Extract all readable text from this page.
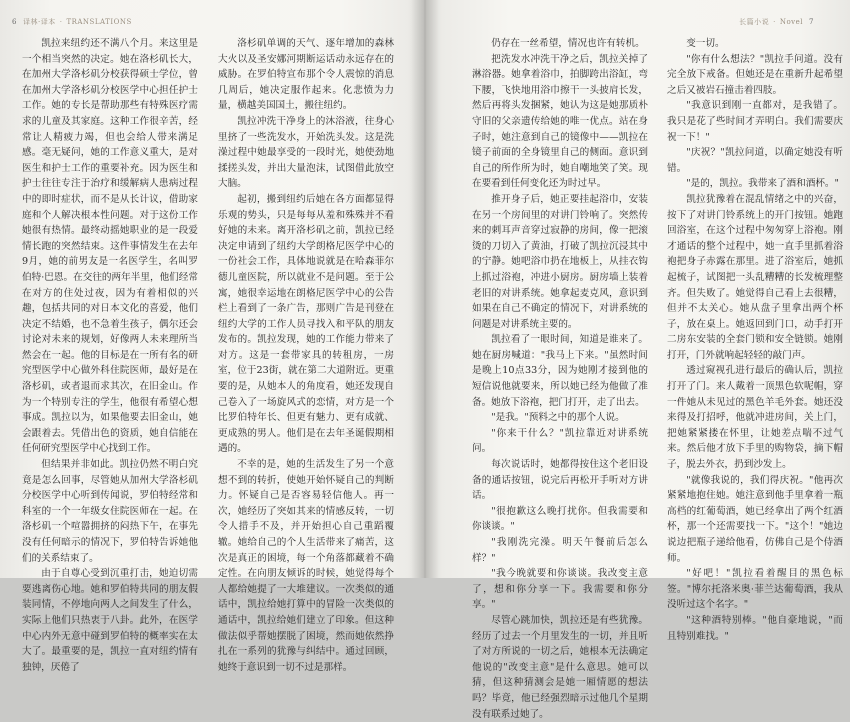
6 译林·译本 · TRANSLATIONS

凯拉来纽约还不满八个月。来这里是一个相当突然的决定。她在洛杉矶长大，在加州大学洛杉矶分校获得硕士学位，曾在加州大学洛杉矶分校医学中心担任护士工作。她的专长是帮助那些有特殊医疗需求的儿童及其家庭。这种工作很辛苦，经常让人精疲力竭，但也会给人带来满足感。毫无疑问，她的工作意义重大，是对医生和护士工作的重要补充。因为医生和护士往往专注于治疗和缓解病人患病过程中的即时症状，而不是从长计议，借助家庭和个人解决根本性问题。对于这份工作她很有热情。最终动摇她职业的是一段爱情长跑的突然结束。这件事情发生在去年9月，她的前男友是一名医学生，名叫罗伯特·巴恩。在交往的两年半里，他们经常在对方的住处过夜，因为有着相似的兴趣，包括共同的对日本文化的喜爱，他们决定不结婚，也不急着生孩子，偶尔还会讨论对未来的规划，好像两人未来理所当然会在一起。他的目标是在一所有名的研究型医学中心做外科住院医师，最好是在洛杉矶，或者退而求其次，在旧金山。作为一个特别专注的学生，他很有希望心想事成。凯拉以为，如果他要去旧金山，她会跟着去。凭借出色的资质，她自信能在任何研究型医学中心找到工作。

但结果并非如此。凯拉仍然不明白究竟是怎么回事，尽管她从加州大学洛杉矶分校医学中心听到传闻说，罗伯特经常和科室的一个一年级女住院医师在一起。在洛杉矶一个喧嚣拥挤的闷热下午，在事先没有任何暗示的情况下，罗伯特告诉她他们的关系结束了。

由于自尊心受到沉重打击，她迫切需要逃离伤心地。她和罗伯特共同的朋友假装同情，不停地向两人之间发生了什么，实际上他们只热衷于八卦。此外，在医学中心内外无意中碰到罗伯特的概率实在太大了。最重要的是，凯拉一直对纽约情有独钟，厌倦了

洛杉矶单调的天气、逐年增加的森林大火以及圣安娜河期断运话动永远存在的威胁。在罗伯特宣布那个令人震惊的消息几周后，她决定服作起来。化悲愤为力量，横越美国国土，搬往纽约。

凯拉冲洗干净身上的沐浴液，往身心里挤了一些洗发水，开始洗头发。这是洗澡过程中她最享受的一段时光，她使劲地揉搓头发，并出大量泡沫，试图借此放空大脑。

起初，搬到纽约后她在各方面都显得乐观的势头，只是每每从羞和殊殊并不看好她的未来。离开洛杉矶之前，凯拉已经决定申请到了纽约大学朗格尼医学中心的一份社会工作，具体地说就是在哈森菲尔德儿童医院，所以就业不是问题。至于公寓，她很幸运地在朗格尼医学中心的公告栏上看到了一条广告，那则广告是刊登在纽约大学的工作人员寻找入和平队的朋友发布的。凯拉发现，她的工作能力带来了对方。这是一套带家具的转租房，一房室，位于23街，就在第二大道附近。更重要的是，从她本人的角度看，她还发现自己卷入了一场旋风式的恋情，对方是一个比罗伯特年长、但更有魅力、更有成就、更成熟的男人。他们是在去年圣诞假期相遇的。

不幸的是，她的生活发生了另一个意想不到的转折，使她开始怀疑自己的判断力。怀疑自己是否容易轻信他人。再一次，她经历了突如其来的情感反转，一切令人措手不及，并开始担心自己重蹈覆辙。她给自己的个人生活带来了痛苦，这次是真正的困境，每一个角落都藏着不确定性。在向朋友倾诉的时候，她觉得每个人都给她提了一大堆建议。一次类似的通话中，凯拉给她打算中的冒险一次类似的通话中，凯拉给她们建立了印象。但这种做法似乎帮她摆脱了困境，然而她依然挣扎在一系列的犹豫与纠结中。通过回顾，她终于意识到一切不过是那样。

长篇小说 · Novel 7

仍存在一丝希望，情况也许有转机。

把洗发水冲洗干净之后，凯拉关掉了淋浴器。她拿着浴巾，拍脚跨出浴缸，弯下腰，飞快地用浴巾擦干一头披肩长发，然后再将头发捆紧，她认为这是她那质朴守旧的父亲遗传给她的唯一优点。站在身子时，她注意到自己的镜像中——凯拉在镜子前面的全身镜里自己的侧面。意识到自己的所作所为时，她自嘲地笑了笑。现在要看到任何变化还为时过早。

推开身子后，她正要挂起浴巾，安装在另一个房间里的对讲门铃响了。突然传来的刺耳声音穿过寂静的房间，像一把滚烫的刀切入了黄油，打破了凯拉沉浸其中的宁静。她吧浴巾扔在地板上，从挂衣钩上抓过浴袍，冲进小厨房。厨房墙上装着老旧的对讲系统。她拿起麦克风，意识到如果在自己不确定的情况下，对讲系统的问题是对讲系统主要的。

凯拉看了一眼时间，知道是谁来了。她在厨房喊道："我马上下来。"虽然时间是晚上10点33分，因为她刚才接到他的短信说他就要来，所以她已经为他做了准备。她放下浴袍，把门打开，走了出去。

"是我。"预料之中的那个人说。

"你来干什么？"凯拉靠近对讲系统问。

每次说话时，她都得按住这个老旧设备的通话按钮，说完后再松开手听对方讲话。

"很抱歉这么晚打扰你。但我需要和你谈谈。"

"我刚洗完澡。明天午餐前后怎么样？"

"我今晚就要和你谈谈。我改变主意了，想和你分享一下。我需要和你分享。"

尽管心跳加快，凯拉还是有些犹豫。经历了过去一个月里发生的一切，并且听了对方所说的一切之后，她根本无法确定他说的"改变主意"是什么意思。她可以猜，但这种猜测会是她一厢情愿的想法吗？毕竟，他已经强烈暗示过他几个星期没有联系过她了。

变一切。

"你有什么想法？"凯拉手问道。没有完全放下戒备。但她还是在重新升起希望之后又被岩石撞击着四肢。

"我意识到刚一直都对，是我错了。我只是花了些时间才弄明白。我们需要庆祝一下！"

"庆祝？"凯拉问道，以确定她没有听错。

"是的，凯拉。我带来了酒和酒杯。"

凯拉犹豫着在混乱情绪之中的兴奋，按下了对讲门铃系统上的开门按钮。她跑回浴室，在这个过程中匆匆穿上浴袍。刚才通话的整个过程中，她一直手里抓着浴袍把身子赤露在那里。进了浴室后，她抓起梳子，试图把一头乱糟糟的长发梳理整齐。但失败了。她觉得自己看上去很糟，但并不太关心。她从盘子里拿出两个杯子，放在桌上。她返回到门口，动手打开二房东安装的全套门锁和安全链锁。她刚打开，门外就响起轻轻的敲门声。

透过窥视孔进行最后的确认后，凯拉打开了门。来人戴着一顶黑色软呢帽，穿一件她从未见过的黑色羊毛外套。她还没来得及打招呼，他就冲进房间，关上门，把她紧紧搂在怀里，让她差点喘不过气来。然后他才放下手里的购物袋，摘下帽子，脱去外衣，扔到沙发上。

"就像我说的，我们得庆祝。"他再次紧紧地抱住她。她注意到他手里拿着一瓶高档的红葡萄酒，她已经拿出了两个红酒杯，那一个还需要找一下。"这个！"她边说边把瓶子递给他看，仿佛自己是个侍酒师。

"好吧！"凯拉看着醒目的黑色标签。"博尔托洛米奥·菲兰达葡萄酒，我从没听过这个名字。"

"这种酒特别棒。"他自豪地说，"而且特别难找。"
